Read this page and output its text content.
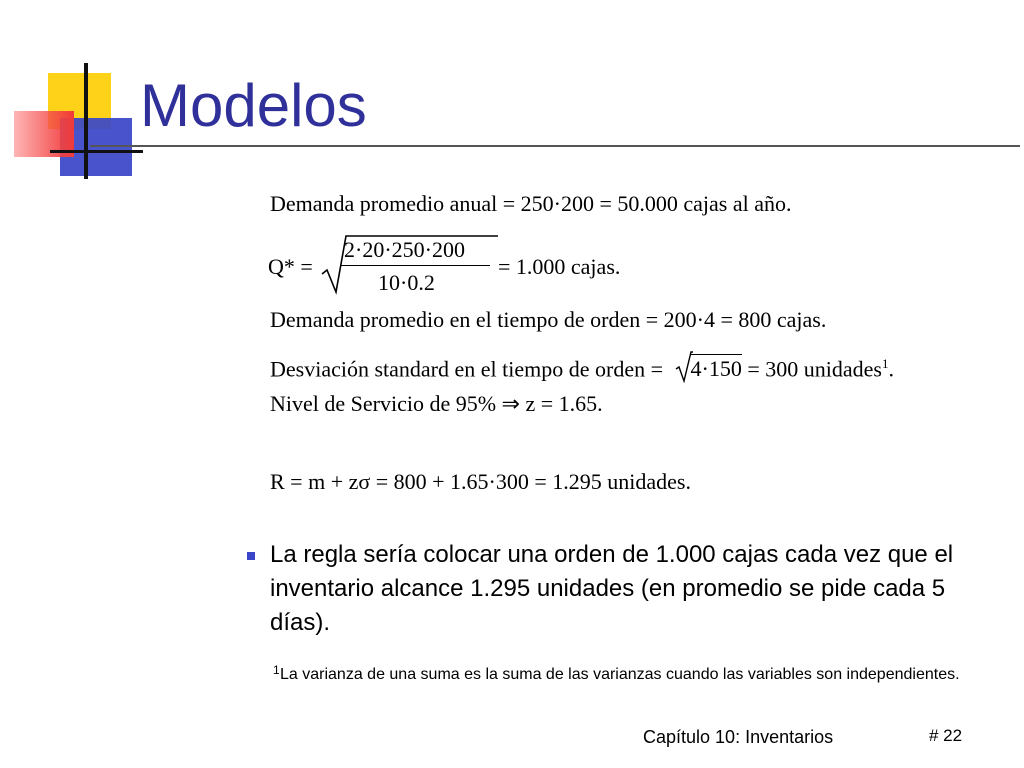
Modelos
Demanda promedio anual = 250·200 = 50.000 cajas al año.
Q* =
2·20·250·200
10·0.2
= 1.000 cajas.
Demanda promedio en el tiempo de orden = 200·4 = 800 cajas.
Desviación standard en el tiempo de orden = 4·150 = 300 unidades$^1$.
Nivel de Servicio de 95% ⇒ z = 1.65.
R = m + zσ = 800 + 1.65·300 = 1.295 unidades.
La regla sería colocar una orden de 1.000 cajas cada vez que el inventario alcance 1.295 unidades (en promedio se pide cada 5 días).
1 La varianza de una suma es la suma de las varianzas cuando las variables son independientes.
Capítulo 10: Inventarios	# 22
